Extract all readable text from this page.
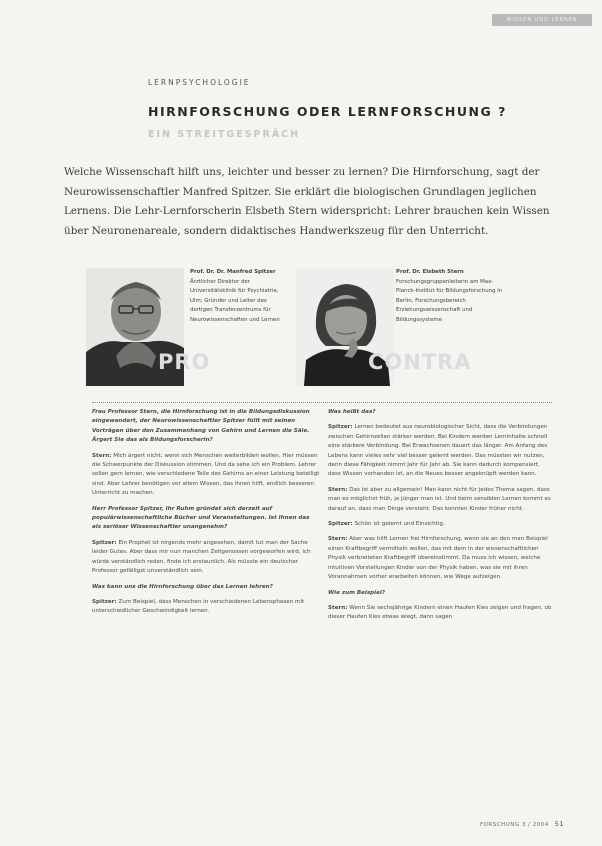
WISSEN UND LERNEN
LERNPSYCHOLOGIE
HIRNFORSCHUNG ODER LERNFORSCHUNG ?
EIN STREITGESPRÄCH
Welche Wissenschaft hilft uns, leichter und besser zu lernen? Die Hirnforschung, sagt der Neurowissenschaftler Manfred Spitzer. Sie erklärt die biologischen Grundlagen jeglichen Lernens. Die Lehr-Lernforscherin Elsbeth Stern widerspricht: Lehrer brauchen kein Wissen über Neuronenareale, sondern didaktisches Handwerkszeug für den Unterricht.
Prof. Dr. Dr. Manfred Spitzer
Ärztlicher Direktor der Universitätsklinik für Psychiatrie, Ulm; Gründer und Leiter des dortigen Transferzentrums für Neurowissenschaften und Lernen
Prof. Dr. Elsbeth Stern
Forschungsgruppenleiterin am Max-Planck-Institut für Bildungsforschung in Berlin, Forschungsbereich Erziehungswissenschaft und Bildungssysteme
PRO	CONTRA

Frau Professor Stern, die Hirnforschung ist in die Bildungsdiskussion eingewandert, der Neurowissenschaftler Spitzer füllt mit seinen Vorträgen über den Zusammenhang von Gehirn und Lernen die Säle. Ärgert Sie das als Bildungsforscherin?

Stern: Mich ärgert nicht, wenn sich Menschen weiterbilden wollen. Hier müssen die Schwerpunkte der Diskussion stimmen. Und da sehe ich ein Problem. Lehrer sollen gern lernen, wie verschiedene Teile des Gehirns an einer Leistung beteiligt sind. Aber Lehrer benötigen vor allem Wissen, das ihnen hilft, endlich besseren Unterricht zu machen.

Herr Professor Spitzer, Ihr Ruhm gründet sich derzeit auf populärwissenschaftliche Bücher und Veranstaltungen. Ist Ihnen das als seriöser Wissenschaftler unangenehm?

Spitzer: Ein Prophet ist nirgends mehr angesehen, damit tut man der Sache leider Gutes. Aber dass mir nun manchen Zeitgenossen vorgeworfen wird, ich würde verständlich reden, finde ich erstaunlich. Als müsste ein deutscher Professor gefälligst unverständlich sein.

Was kann uns die Hirnforschung über das Lernen lehren?

Spitzer: Zum Beispiel, dass Menschen in verschiedenen Lebensphasen mit unterschiedlicher Geschwindigkeit lernen.

Was heißt das?

Spitzer: Lernen bedeutet aus neurobiologischer Sicht, dass die Verbindungen zwischen Gehirnzellen stärker werden. Bei Kindern werden Lerninhalte schnell eine stärkere Verbindung. Bei Erwachsenen dauert das länger. Am Anfang des Lebens kann vieles sehr viel besser gelernt werden. Das müssten wir nutzen, denn diese Fähigkeit nimmt Jahr für Jahr ab. Sie kann dadurch kompensiert, dass Wissen vorhanden ist, an die Neues besser angeknüpft werden kann.

Stern: Das ist aber zu allgemein! Man kann nicht für jedes Thema sagen, dass man es möglichst früh, je jünger man ist. Und beim sensiblen Lernen kommt es darauf an, dass man Dinge versteht. Das konnten Kinder früher nicht.

Spitzer: Schön ist gelernt und Einsichtig.

Stern: Aber was hilft Lernen frei Hirnforschung, wenn sie an den man Beispiel einen Kraftbegriff vermitteln wollen, das mit dem in der wissenschaftlichen Physik verbreiteten Kraftbegriff übereinstimmt. Da muss ich wissen, welche intuitiven Vorstellungen Kinder von der Physik haben, was sie mit ihren Vorannahmen vorher erarbeiten können, wie Wege aufzeigen.

Wie zum Beispiel?

Stern: Wenn Sie sechsjährige Kindern einen Haufen Kies zeigen und fragen, ob dieser Haufen Kies etwas wiegt, dann sagen

FORSCHUNG 3 / 2004 51
